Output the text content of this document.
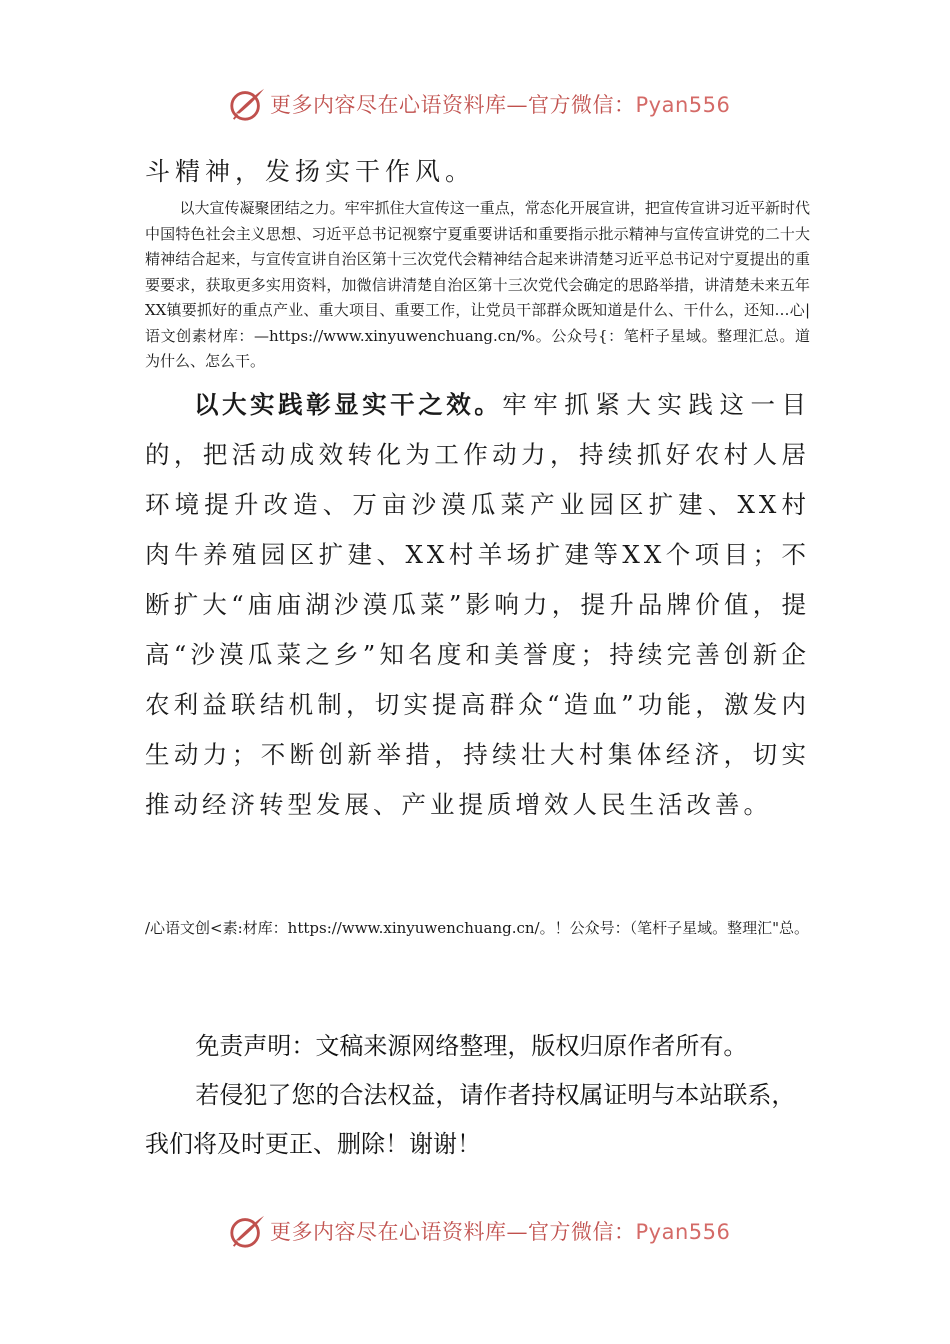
更多内容尽在心语资料库—官方微信：Pyan556
斗精神，发扬实干作风。
以大宣传凝聚团结之力。牢牢抓住大宣传这一重点，常态化开展宣讲，把宣传宣讲习近平新时代中国特色社会主义思想、习近平总书记视察宁夏重要讲话和重要指示批示精神与宣传宣讲党的二十大精神结合起来，与宣传宣讲自治区第十三次党代会精神结合起来讲清楚习近平总书记对宁夏提出的重要要求，获取更多实用资料，加微信讲清楚自治区第十三次党代会确定的思路举措，讲清楚未来五年XX镇要抓好的重点产业、重大项目、重要工作，让党员干部群众既知道是什么、干什么，还知…心|语文创素材库：—https://www.xinyuwenchuang.cn/%。公众号{：笔杆子星域。整理汇总。道为什么、怎么干。
以大实践彰显实干之效。牢牢抓紧大实践这一目的，把活动成效转化为工作动力，持续抓好农村人居环境提升改造、万亩沙漠瓜菜产业园区扩建、XX村肉牛养殖园区扩建、XX村羊场扩建等XX个项目；不断扩大“庙庙湖沙漠瓜菜”影响力，提升品牌价值，提高“沙漠瓜菜之乡”知名度和美誉度；持续完善创新企农利益联结机制，切实提高群众“造血”功能，激发内生动力；不断创新举措，持续壮大村集体经济，切实推动经济转型发展、产业提质增效人民生活改善。
/心语文创<素:材库：https://www.xinyuwenchuang.cn/。！公众号：（笔杆子星域。整理汇"总。

免责声明：文稿来源网络整理，版权归原作者所有。

若侵犯了您的合法权益，请作者持权属证明与本站联系，我们将及时更正、删除！谢谢！

更多内容尽在心语资料库—官方微信：Pyan556
